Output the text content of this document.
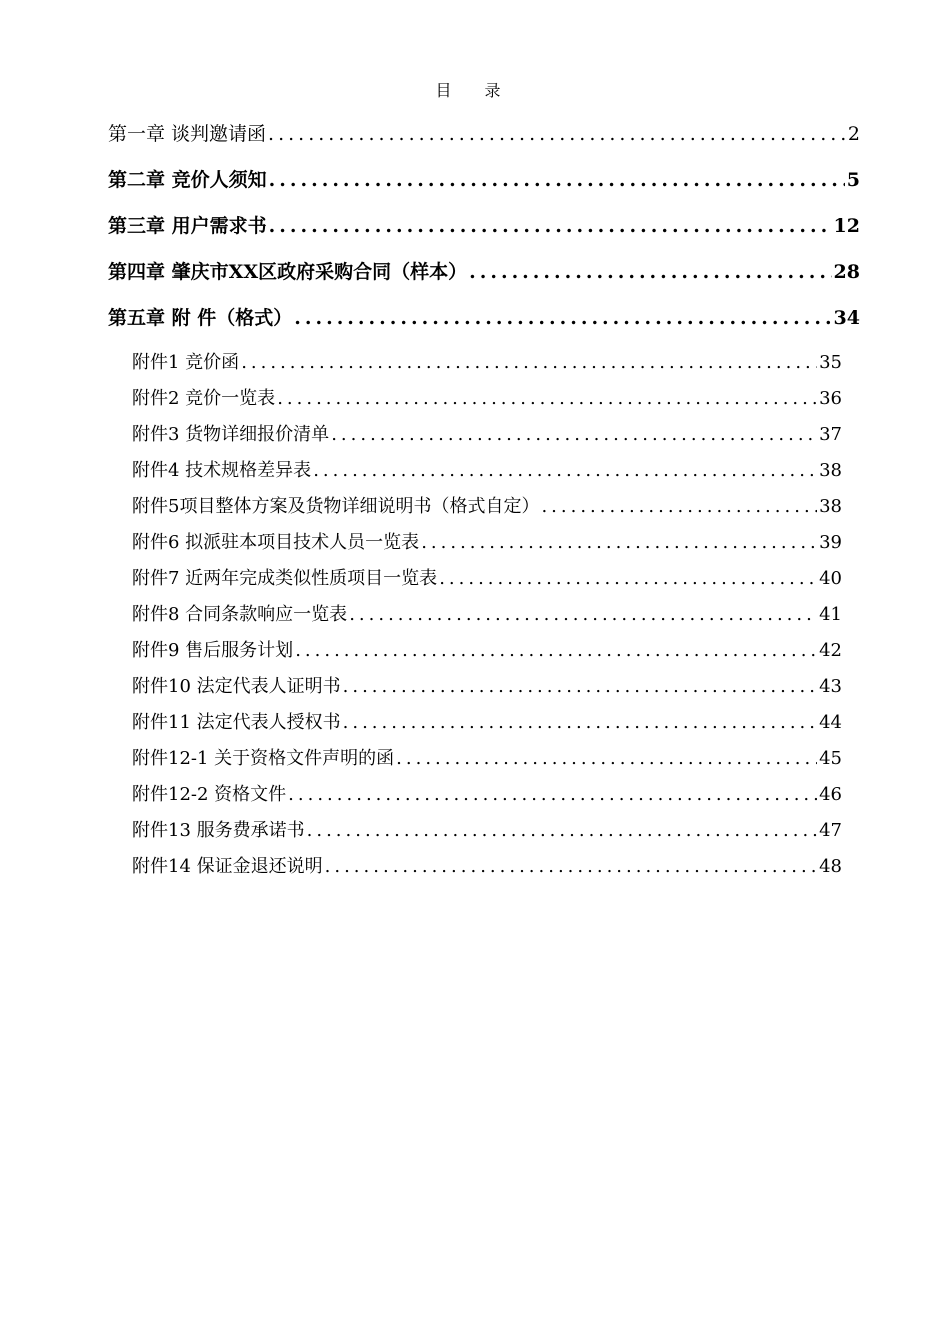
目 录
第一章 谈判邀请函 .....	2
第二章 竞价人须知 .....	5
第三章 用户需求书 .....	12
第四章 肇庆市XX区政府采购合同（样本） .....	28
第五章 附 件（格式） .....	34
附件1 竞价函 .....	35
附件2 竞价一览表 .....	36
附件3 货物详细报价清单 .....	37
附件4 技术规格差异表 .....	38
附件5项目整体方案及货物详细说明书（格式自定） .....	38
附件6 拟派驻本项目技术人员一览表 .....	39
附件7 近两年完成类似性质项目一览表 .....	40
附件8 合同条款响应一览表 .....	41
附件9 售后服务计划 .....	42
附件10 法定代表人证明书 .....	43
附件11 法定代表人授权书 .....	44
附件12-1 关于资格文件声明的函 .....	45
附件12-2 资格文件 .....	46
附件13 服务费承诺书 .....	47
附件14 保证金退还说明 .....	48
